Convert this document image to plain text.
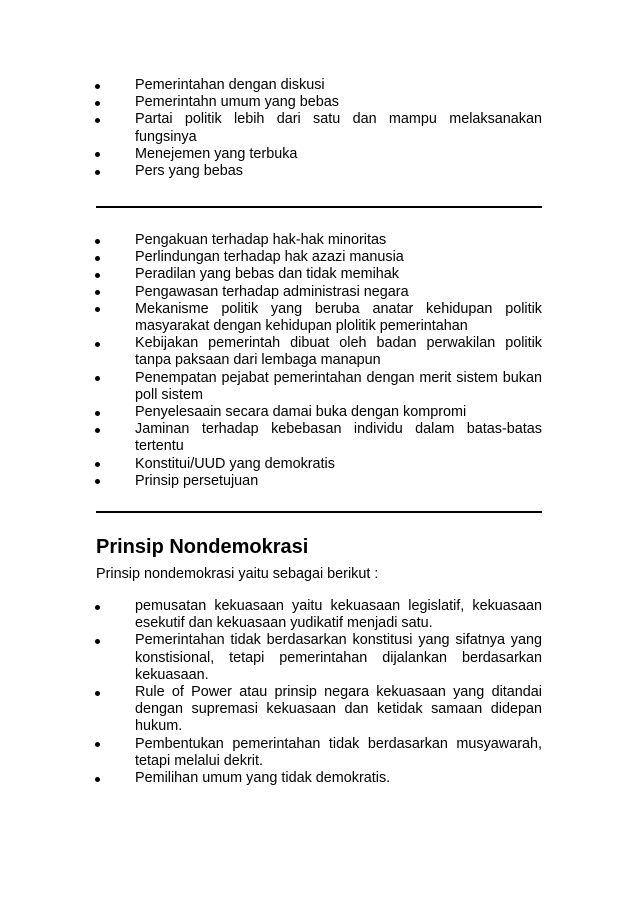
Pemerintahan dengan diskusi
Pemerintahn umum yang bebas
Partai politik lebih dari satu dan mampu melaksanakan fungsinya
Menejemen yang terbuka
Pers yang bebas
Pengakuan terhadap hak-hak minoritas
Perlindungan terhadap hak azazi manusia
Peradilan yang bebas dan tidak memihak
Pengawasan terhadap administrasi negara
Mekanisme politik yang beruba anatar kehidupan politik masyarakat dengan kehidupan plolitik pemerintahan
Kebijakan pemerintah dibuat oleh badan perwakilan politik tanpa paksaan dari lembaga manapun
Penempatan pejabat pemerintahan dengan merit sistem bukan poll sistem
Penyelesaain secara damai buka dengan kompromi
Jaminan terhadap kebebasan individu dalam batas-batas tertentu
Konstitui/UUD yang demokratis
Prinsip persetujuan
Prinsip Nondemokrasi

Prinsip nondemokrasi yaitu sebagai berikut :

pemusatan kekuasaan yaitu kekuasaan legislatif, kekuasaan esekutif dan kekuasaan yudikatif menjadi satu.
Pemerintahan tidak berdasarkan konstitusi yang sifatnya yang konstisional, tetapi pemerintahan dijalankan berdasarkan kekuasaan.
Rule of Power atau prinsip negara kekuasaan yang ditandai dengan supremasi kekuasaan dan ketidak samaan didepan hukum.
Pembentukan pemerintahan tidak berdasarkan musyawarah, tetapi melalui dekrit.
Pemilihan umum yang tidak demokratis.
